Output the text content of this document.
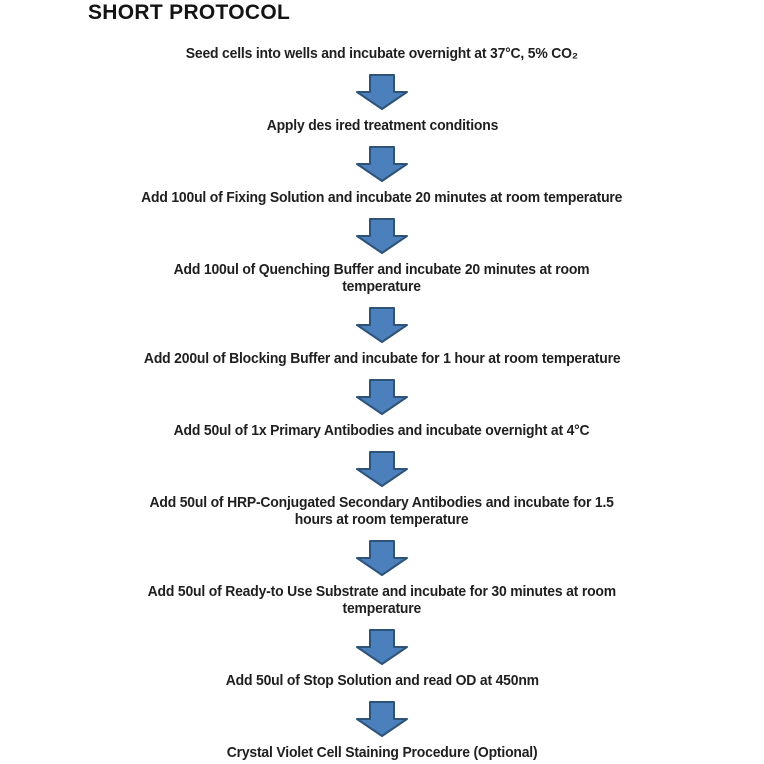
SHORT PROTOCOL
Seed cells into wells and incubate overnight at 37°C, 5% CO₂
Apply des ired treatment conditions
Add 100ul of Fixing Solution and incubate 20 minutes at room temperature
Add 100ul of Quenching Buffer and incubate 20 minutes at room
temperature
Add 200ul of Blocking Buffer and incubate for 1 hour at room temperature
Add 50ul of 1x Primary Antibodies and incubate overnight at 4°C
Add 50ul of HRP-Conjugated Secondary Antibodies and incubate for 1.5
hours at room temperature
Add 50ul of Ready-to Use Substrate and incubate for 30 minutes at room
temperature
Add 50ul of Stop Solution and read OD at 450nm
Crystal Violet Cell Staining Procedure (Optional)
